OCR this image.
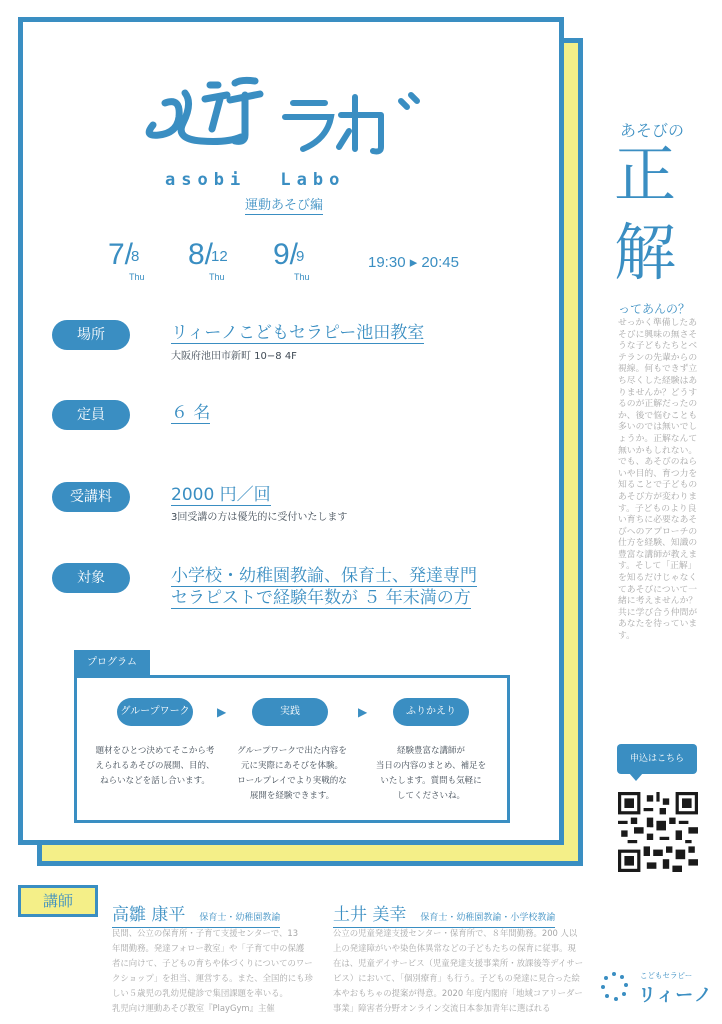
asobi Labo
運動あそび編
7/
8
Thu
8/
12
Thu
9/
9
Thu
19:30 ▸ 20:45
場所	リィーノこどもセラピー池田教室
大阪府池田市新町 10−8 4F
定員	６ 名
受講料	2000 円／回
3回受講の方は優先的に受付いたします
対象	小学校・幼稚園教諭、保育士、発達専門
セラピストで経験年数が ５ 年未満の方
プログラム
グループワーク ▶	実践	▶	ふりかえり
題材をひとつ決めてそこから考
えられるあそびの展開、目的、
ねらいなどを話し合います。
グループワークで出た内容を
元に実際にあそびを体験。
ロールプレイでより実戦的な
展開を経験できます。
経験豊富な講師が
当日の内容のまとめ、補足を
いたします。質問も気軽に
してくださいね。
あそびの
正
解
ってあんの？
せっかく準備したあそびに興味の無さそうな子どもたちとベテランの先輩からの視線。何もできず立ち尽くした経験はありませんか？どうするのが正解だったのか、後で悩むことも多いのでは無いでしょうか。正解なんて無いかもしれない。でも、あそびのねらいや目的、育つ力を知ることで子どものあそび方が変わります。子どものより良い育ちに必要なあそびへのアプローチの仕方を経験、知識の豊富な講師が教えます。そして「正解」を知るだけじゃなくてあそびについて一緒に考えませんか？共に学び合う仲間があなたを待っています。
申込はこちら
講師
高雛 康平 保育士・幼稚園教諭
民間、公立の保育所・子育て支援センターで、13
年間勤務。発達フォロー教室」や「子育て中の保護
者に向けて、子どもの育ちや体づくりについてのワー
クショップ」を担当、運営する。また、全国的にも珍
しい５歳児の乳幼児健診で集団課題を率いる。
乳児向け運動あそび教室『PlayGym』主催
土井 美幸 保育士・幼稚園教諭・小学校教諭
公立の児童発達支援センター・保育所で、８年間勤務。200 人以
上の発達障がいや染色体異常などの子どもたちの保育に従事。現
在は、児童デイサービス（児童発達支援事業所・放課後等デイサー
ビス）において、「個別療育」も行う。子どもの発達に見合った絵
本やおもちゃの提案が得意。2020 年度内閣府「地域コアリーダー
事業」障害者分野オンライン交流日本参加青年に選ばれる
こどもセラピー
リィーノ
